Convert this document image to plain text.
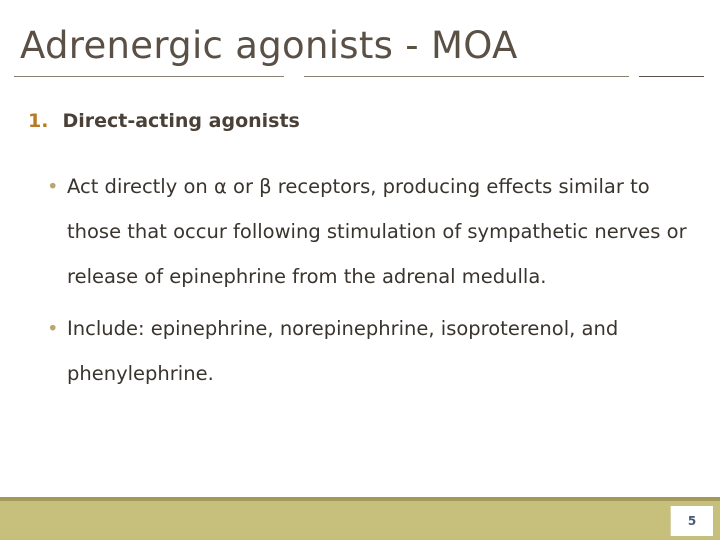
Adrenergic agonists - MOA
1. Direct-acting agonists
• Act directly on α or β receptors, producing effects similar to those that occur following stimulation of sympathetic nerves or release of epinephrine from the adrenal medulla.
• Include: epinephrine, norepinephrine, isoproterenol, and phenylephrine.
5
